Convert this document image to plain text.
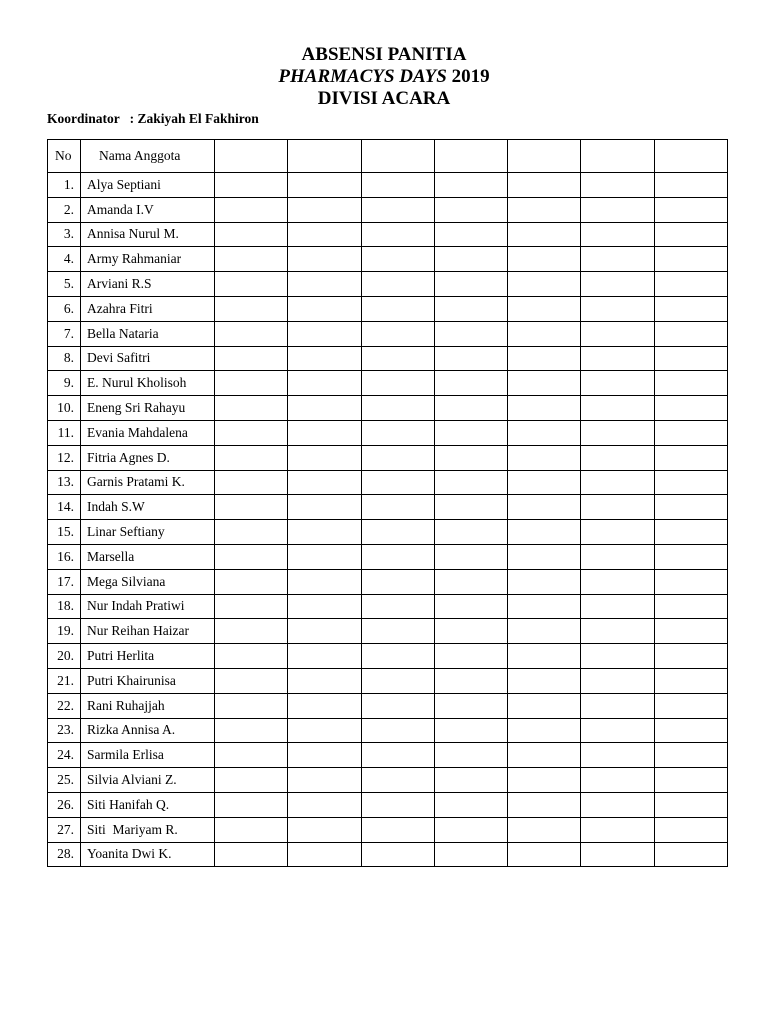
ABSENSI PANITIA
PHARMACYS DAYS 2019
DIVISI ACARA
Koordinator   : Zakiyah El Fakhiron
No	Nama Anggota							
1.	Alya Septiani							
2.	Amanda I.V							
3.	Annisa Nurul M.							
4.	Army Rahmaniar							
5.	Arviani R.S							
6.	Azahra Fitri							
7.	Bella Nataria							
8.	Devi Safitri							
9.	E. Nurul Kholisoh							
10.	Eneng Sri Rahayu							
11.	Evania Mahdalena							
12.	Fitria Agnes D.							
13.	Garnis Pratami K.							
14.	Indah S.W							
15.	Linar Seftiany							
16.	Marsella							
17.	Mega Silviana							
18.	Nur Indah Pratiwi							
19.	Nur Reihan Haizar							
20.	Putri Herlita							
21.	Putri Khairunisa							
22.	Rani Ruhajjah							
23.	Rizka Annisa A.							
24.	Sarmila Erlisa							
25.	Silvia Alviani Z.							
26.	Siti Hanifah Q.							
27.	Siti  Mariyam R.							
28.	Yoanita Dwi K.							
